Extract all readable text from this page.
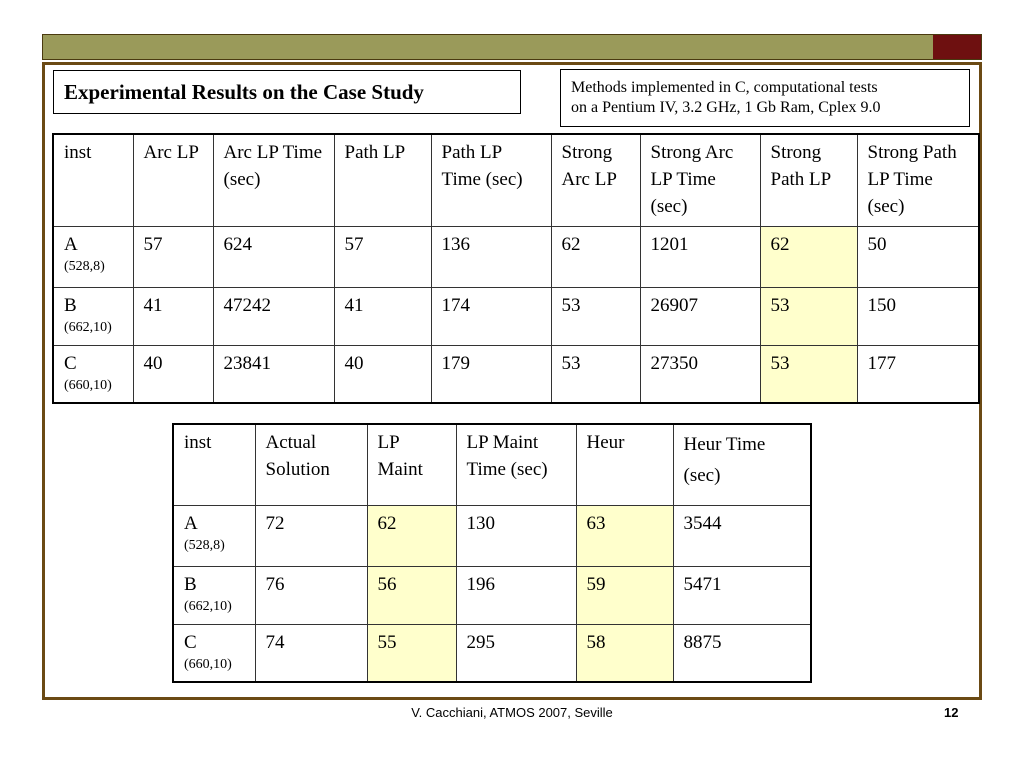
Experimental Results on the Case Study	Methods implemented in C, computational tests
on a Pentium IV, 3.2 GHz, 1 Gb Ram, Cplex 9.0
inst	Arc LP	Arc LP Time (sec)	Path LP	Path LP Time (sec)	Strong Arc LP	Strong Arc LP Time (sec)	Strong Path LP	Strong Path LP Time (sec)
A
(528,8)	57	624	57	136	62	1201	62	50
B
(662,10)	41	47242	41	174	53	26907	53	150
C
(660,10)	40	23841	40	179	53	27350	53	177
inst	Actual Solution	LP Maint	LP Maint Time (sec)	Heur	Heur Time (sec)
A
(528,8)	72	62	130	63	3544
B
(662,10)	76	56	196	59	5471
C
(660,10)	74	55	295	58	8875
V. Cacchiani, ATMOS 2007, Seville	12
